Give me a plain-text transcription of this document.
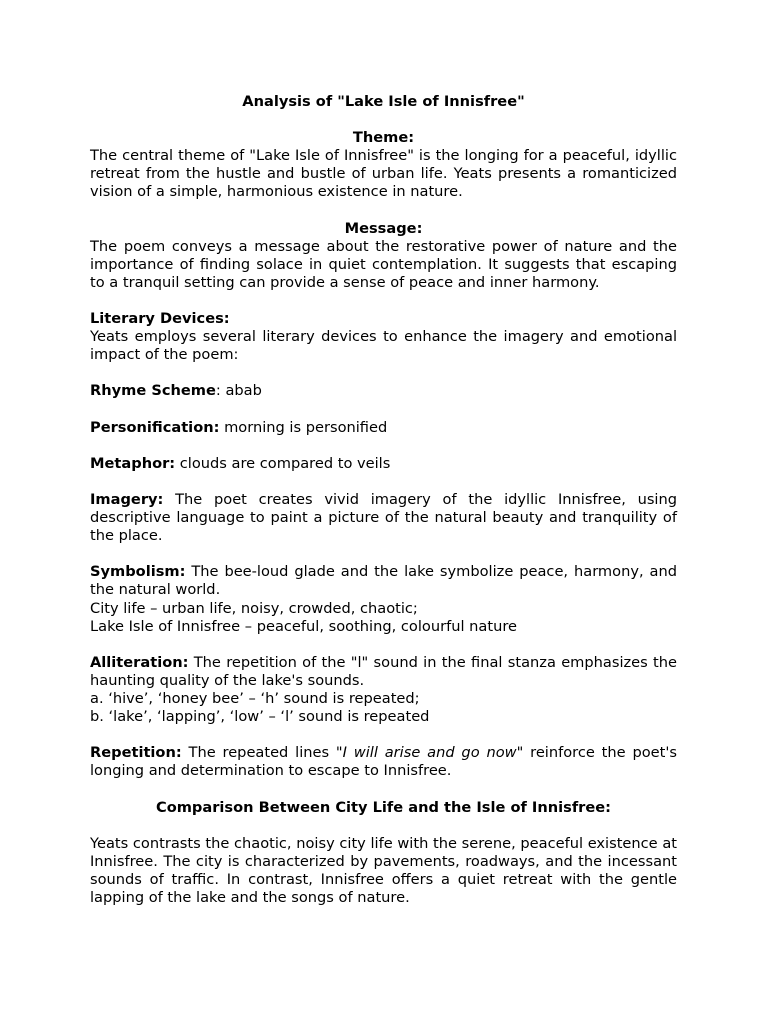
Analysis of "Lake Isle of Innisfree"

Theme:

The central theme of "Lake Isle of Innisfree" is the longing for a peaceful, idyllic retreat from the hustle and bustle of urban life. Yeats presents a romanticized vision of a simple, harmonious existence in nature.

Message:

The poem conveys a message about the restorative power of nature and the importance of finding solace in quiet contemplation. It suggests that escaping to a tranquil setting can provide a sense of peace and inner harmony.

Literary Devices:

Yeats employs several literary devices to enhance the imagery and emotional impact of the poem:

Rhyme Scheme: abab

Personification: morning is personified

Metaphor: clouds are compared to veils

Imagery: The poet creates vivid imagery of the idyllic Innisfree, using descriptive language to paint a picture of the natural beauty and tranquility of the place.

Symbolism: The bee-loud glade and the lake symbolize peace, harmony, and the natural world.

City life – urban life, noisy, crowded, chaotic;

Lake Isle of Innisfree – peaceful, soothing, colourful nature

Alliteration: The repetition of the "l" sound in the final stanza emphasizes the haunting quality of the lake's sounds.

a. ‘hive’, ‘honey bee’ – ‘h’ sound is repeated;

b. ‘lake’, ‘lapping’, ‘low’ – ‘l’ sound is repeated

Repetition: The repeated lines "I will arise and go now" reinforce the poet's longing and determination to escape to Innisfree.

Comparison Between City Life and the Isle of Innisfree:

Yeats contrasts the chaotic, noisy city life with the serene, peaceful existence at Innisfree. The city is characterized by pavements, roadways, and the incessant sounds of traffic. In contrast, Innisfree offers a quiet retreat with the gentle lapping of the lake and the songs of nature.
